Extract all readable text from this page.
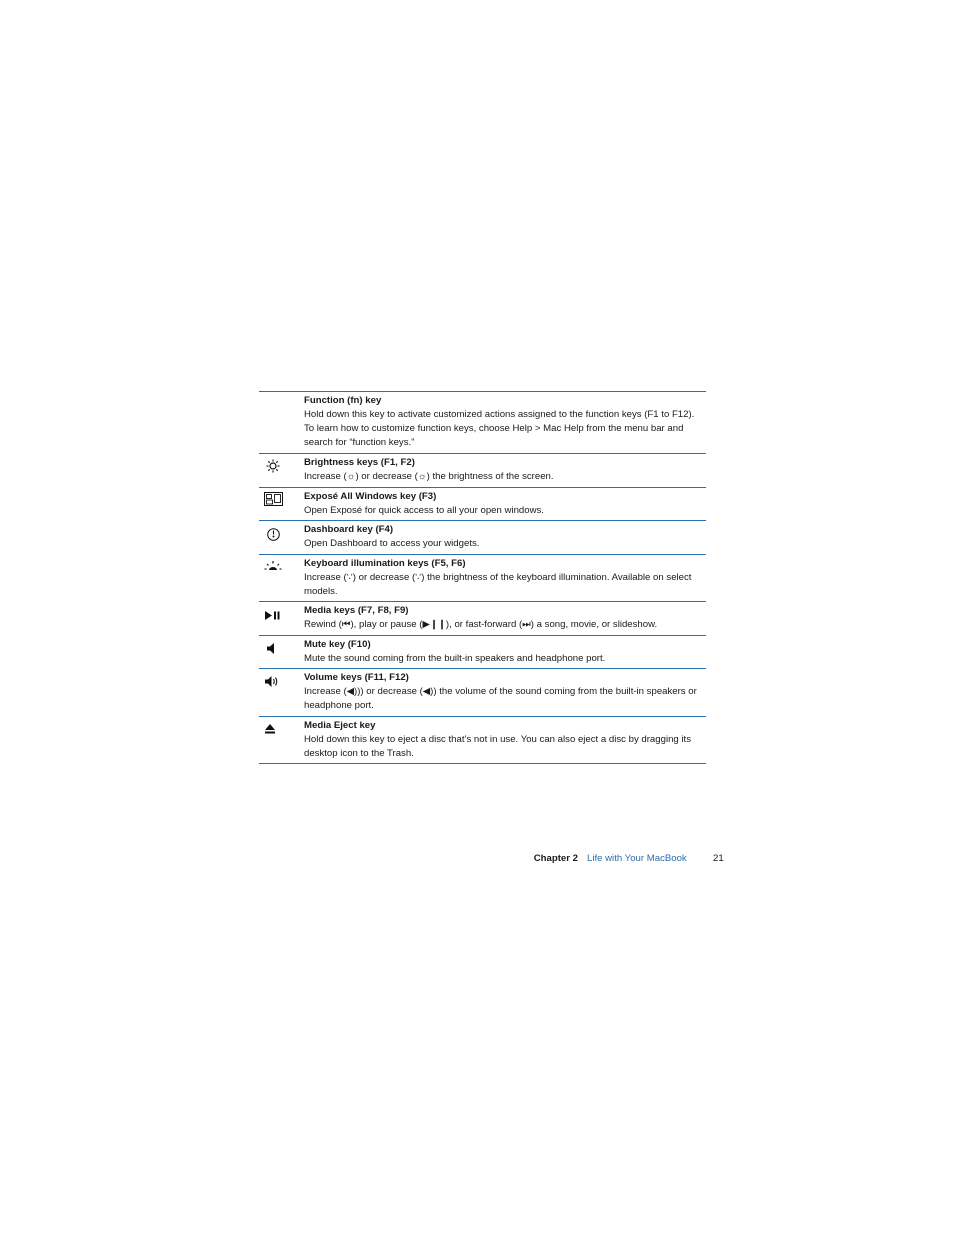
Function (fn) key
Hold down this key to activate customized actions assigned to the function keys (F1 to F12). To learn how to customize function keys, choose Help > Mac Help from the menu bar and search for “function keys.”
Brightness keys (F1, F2)
Increase (☼) or decrease (☼) the brightness of the screen.
Exposé All Windows key (F3)
Open Exposé for quick access to all your open windows.
Dashboard key (F4)
Open Dashboard to access your widgets.
Keyboard illumination keys (F5, F6)
Increase (∵) or decrease (∵) the brightness of the keyboard illumination. Available on select models.
Media keys (F7, F8, F9)
Rewind (⏮), play or pause (▶❙❙), or fast-forward (⏭) a song, movie, or slideshow.
Mute key (F10)
Mute the sound coming from the built-in speakers and headphone port.
Volume keys (F11, F12)
Increase (◀))) or decrease (◀)) the volume of the sound coming from the built-in speakers or headphone port.
Media Eject key
Hold down this key to eject a disc that’s not in use. You can also eject a disc by dragging its desktop icon to the Trash.
Chapter 2 Life with Your MacBook	21
